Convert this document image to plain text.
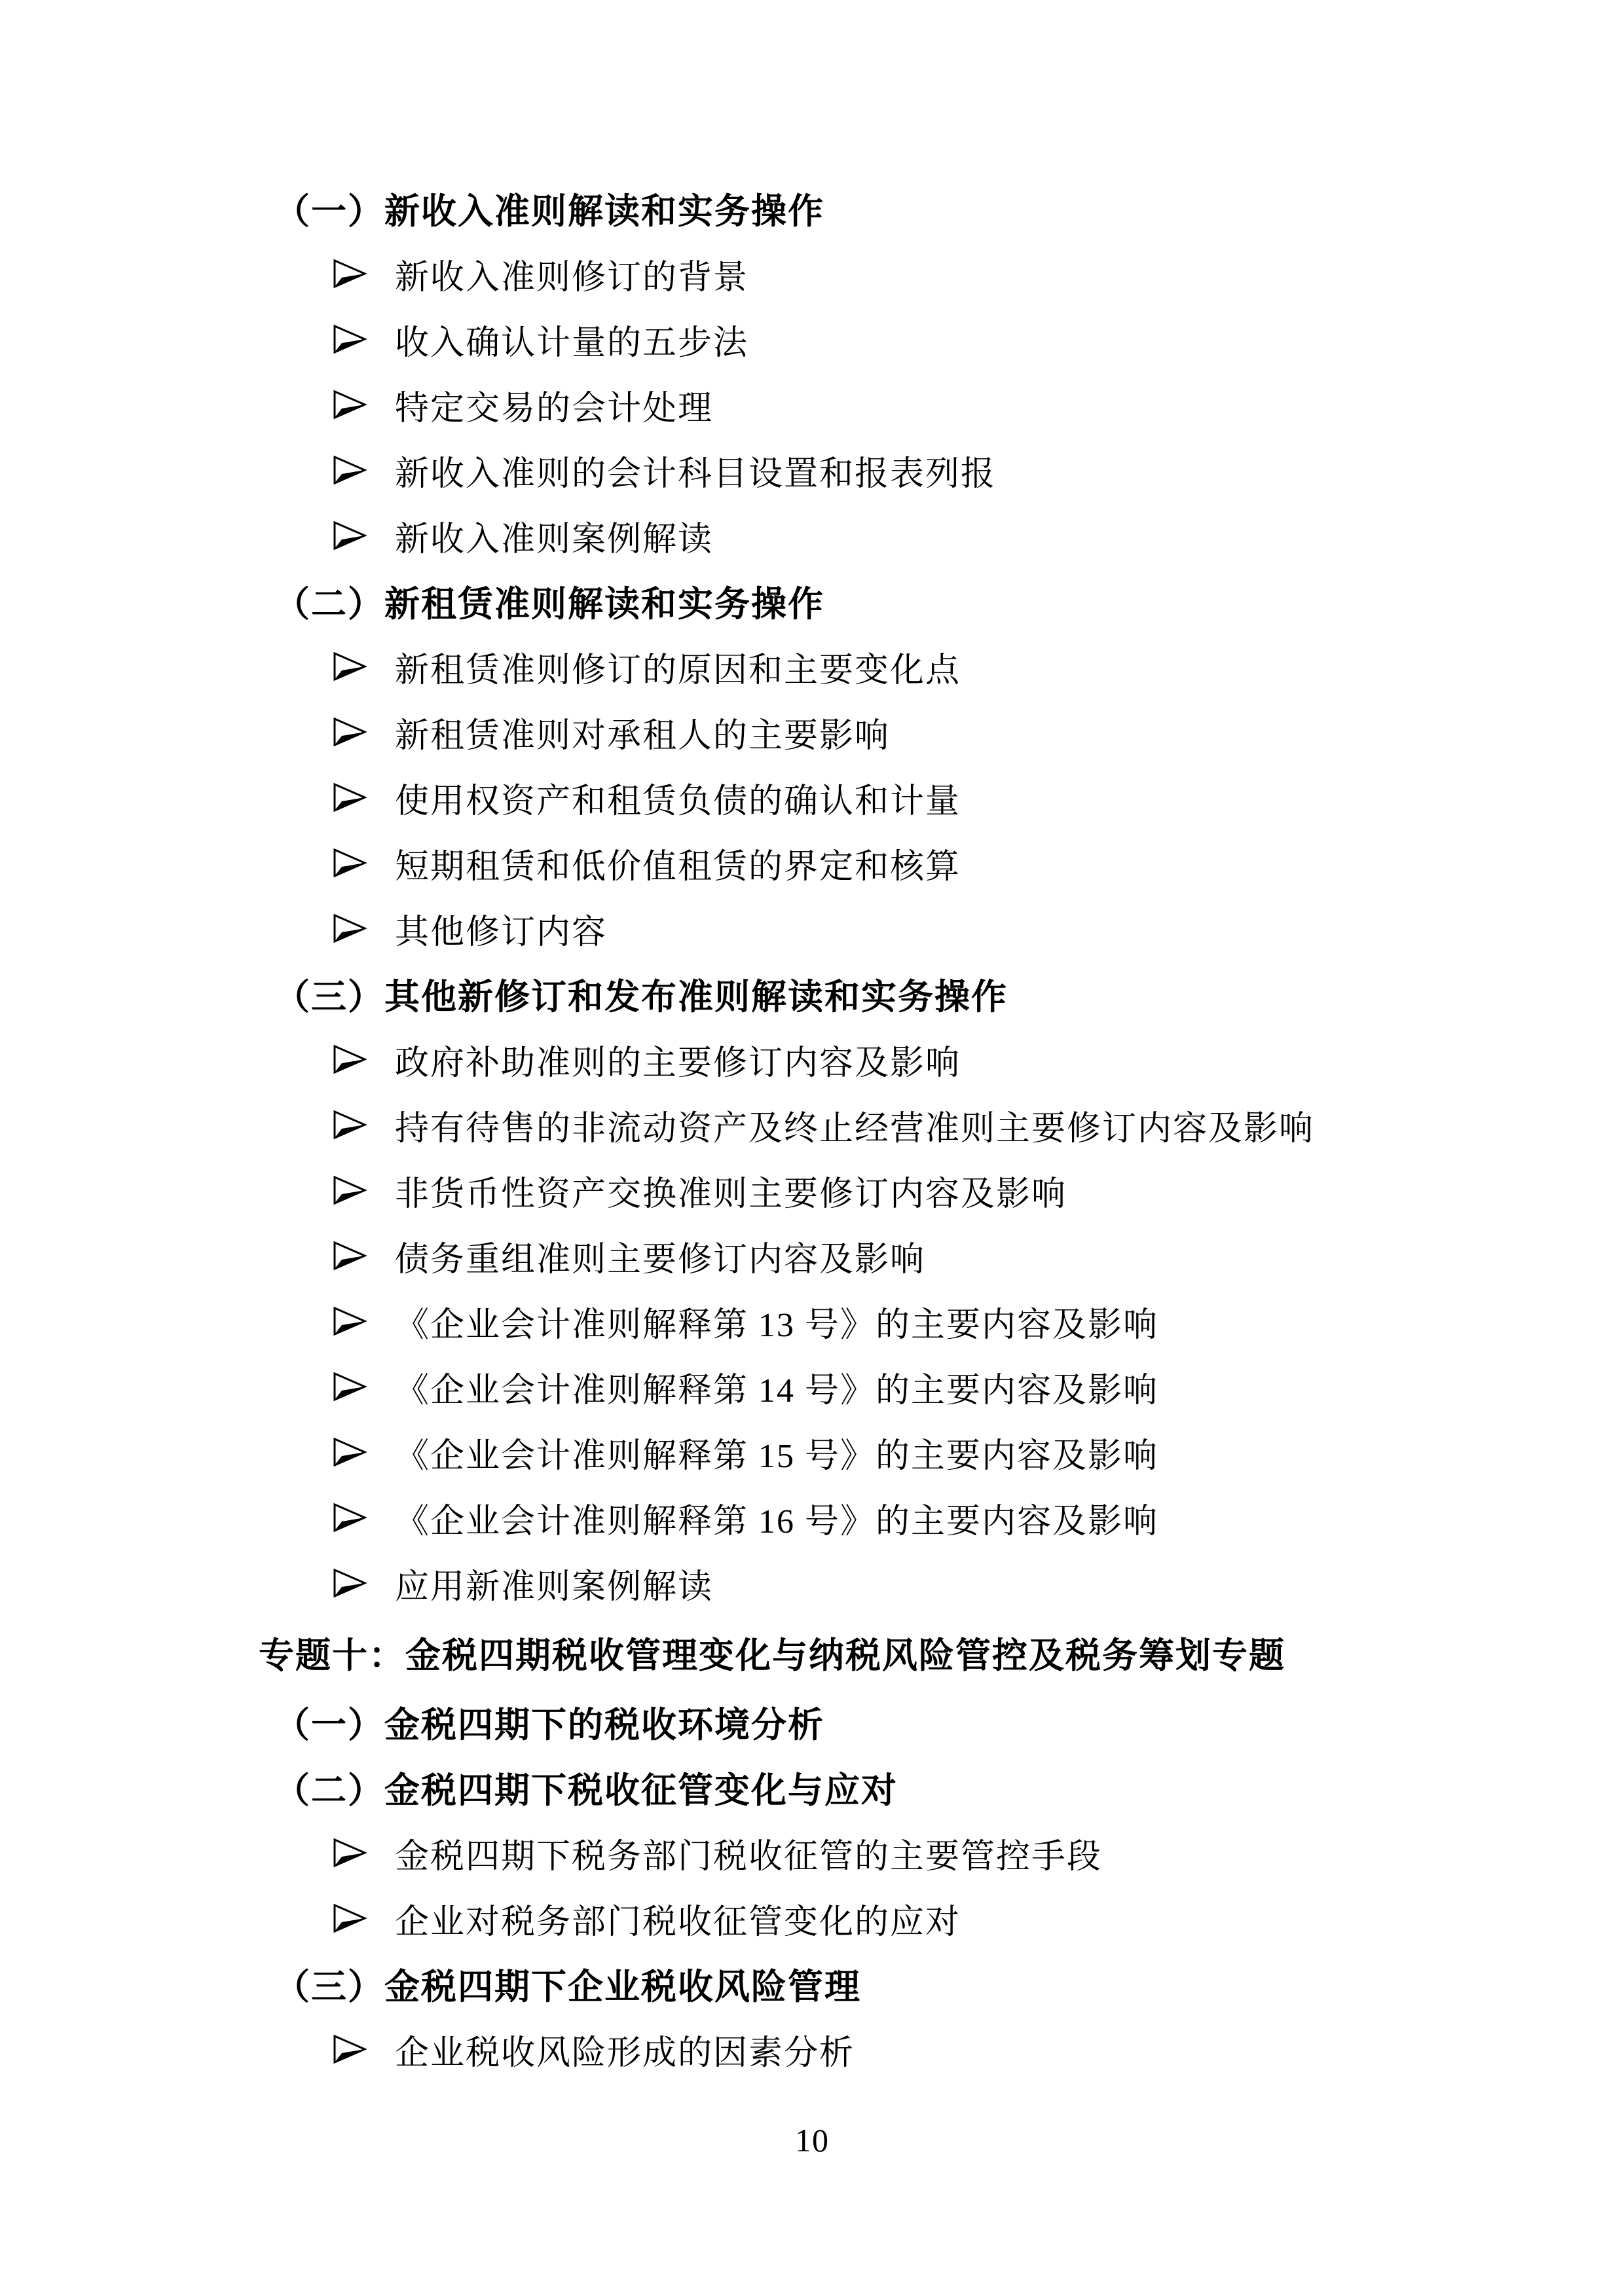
（一）新收入准则解读和实务操作
新收入准则修订的背景
收入确认计量的五步法
特定交易的会计处理
新收入准则的会计科目设置和报表列报
新收入准则案例解读
（二）新租赁准则解读和实务操作
新租赁准则修订的原因和主要变化点
新租赁准则对承租人的主要影响
使用权资产和租赁负债的确认和计量
短期租赁和低价值租赁的界定和核算
其他修订内容
（三）其他新修订和发布准则解读和实务操作
政府补助准则的主要修订内容及影响
持有待售的非流动资产及终止经营准则主要修订内容及影响
非货币性资产交换准则主要修订内容及影响
债务重组准则主要修订内容及影响
《企业会计准则解释第 13 号》的主要内容及影响
《企业会计准则解释第 14 号》的主要内容及影响
《企业会计准则解释第 15 号》的主要内容及影响
《企业会计准则解释第 16 号》的主要内容及影响
应用新准则案例解读
专题十：金税四期税收管理变化与纳税风险管控及税务筹划专题
（一）金税四期下的税收环境分析
（二）金税四期下税收征管变化与应对
金税四期下税务部门税收征管的主要管控手段
企业对税务部门税收征管变化的应对
（三）金税四期下企业税收风险管理
企业税收风险形成的因素分析
10
